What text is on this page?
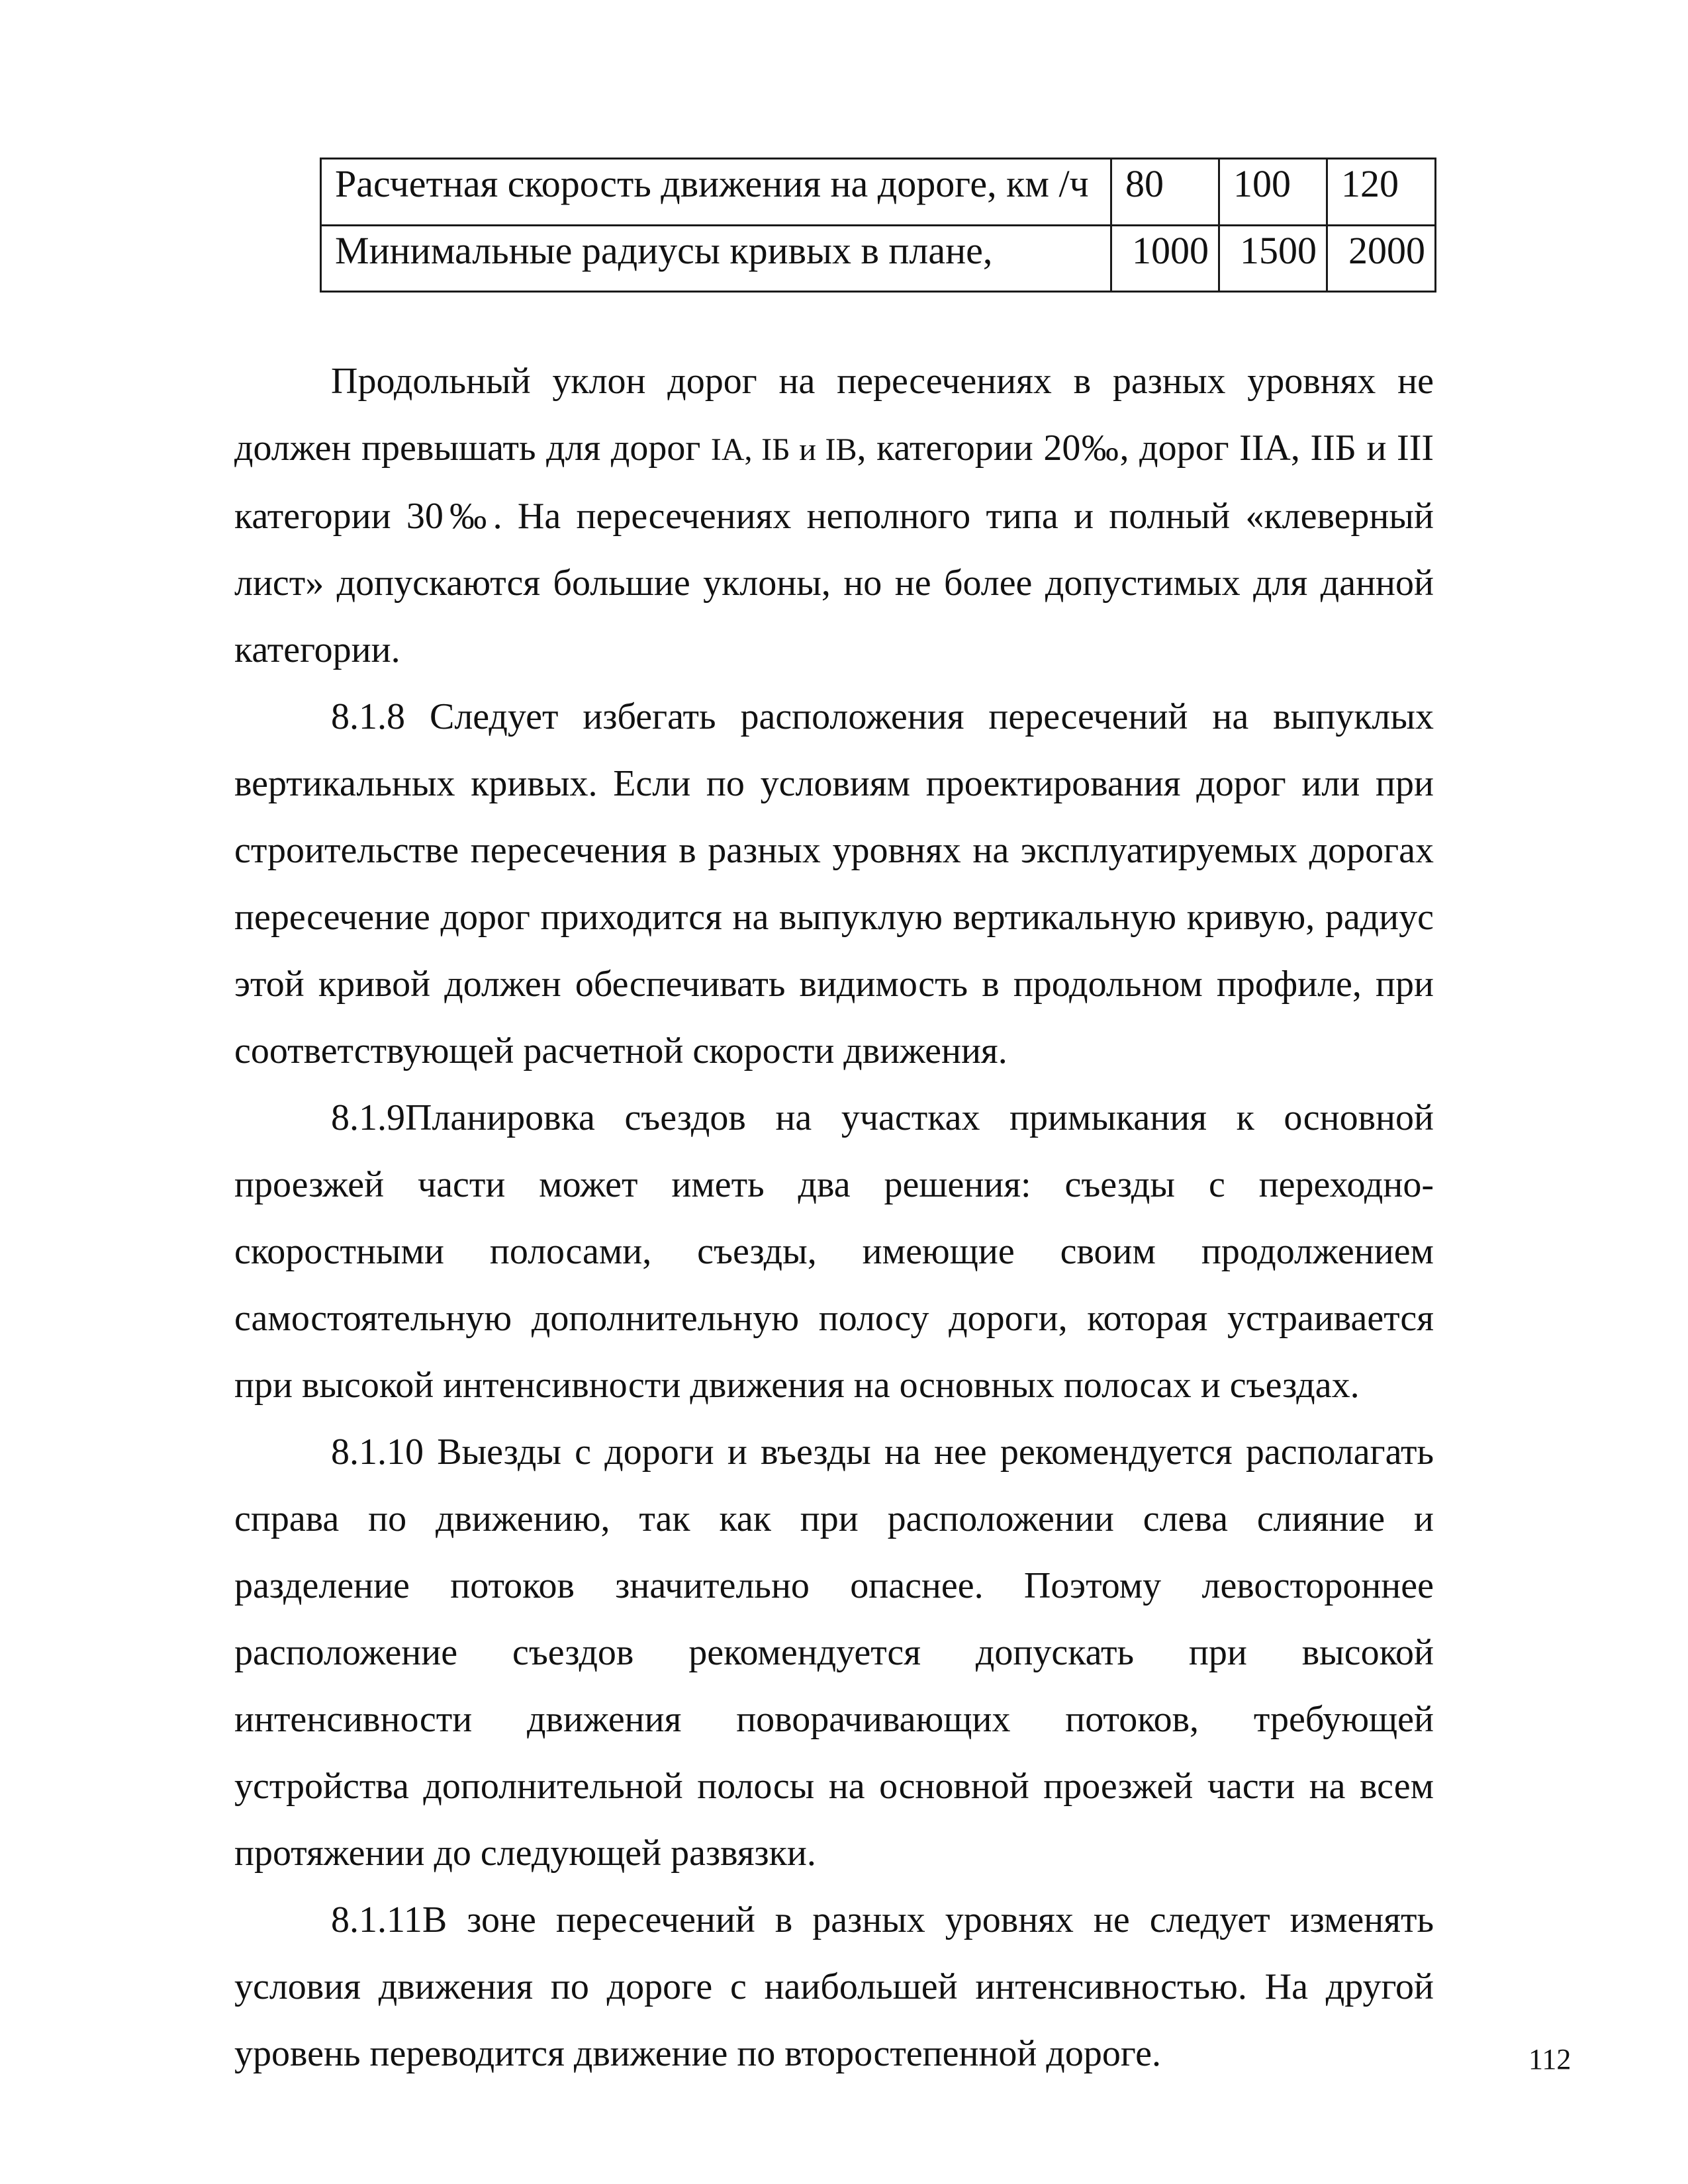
Расчетная скорость движения на дороге, км /ч	80	100	120
Минимальные радиусы кривых в плане,	1000	1500	2000

Продольный уклон дорог на пересечениях в разных уровнях не должен превышать для дорог IА, IБ и IВ, категории 20‰, дорог IIА, IIБ и III категории 30‰. На пересечениях неполного типа и полный «клеверный лист» допускаются большие уклоны, но не более допустимых для данной категории.

8.1.8 Следует избегать расположения пересечений на выпуклых вертикальных кривых. Если по условиям проектирования дорог или при строительстве пересечения в разных уровнях на эксплуатируемых дорогах пересечение дорог приходится на выпуклую вертикальную кривую, радиус этой кривой должен обеспечивать видимость в продольном профиле, при соответствующей расчетной скорости движения.

8.1.9Планировка съездов на участках примыкания к основной проезжей части может иметь два решения: съезды с переходно-скоростными полосами, съезды, имеющие своим продолжением самостоятельную дополнительную полосу дороги, которая устраивается при высокой интенсивности движения на основных полосах и съездах.

8.1.10 Выезды с дороги и въезды на нее рекомендуется располагать справа по движению, так как при расположении слева слияние и разделение потоков значительно опаснее. Поэтому левостороннее расположение съездов рекомендуется допускать при высокой интенсивности движения поворачивающих потоков, требующей устройства дополнительной полосы на основной проезжей части на всем протяжении до следующей развязки.

8.1.11В зоне пересечений в разных уровнях не следует изменять условия движения по дороге с наибольшей интенсивностью. На другой уровень переводится движение по второстепенной дороге.	112
